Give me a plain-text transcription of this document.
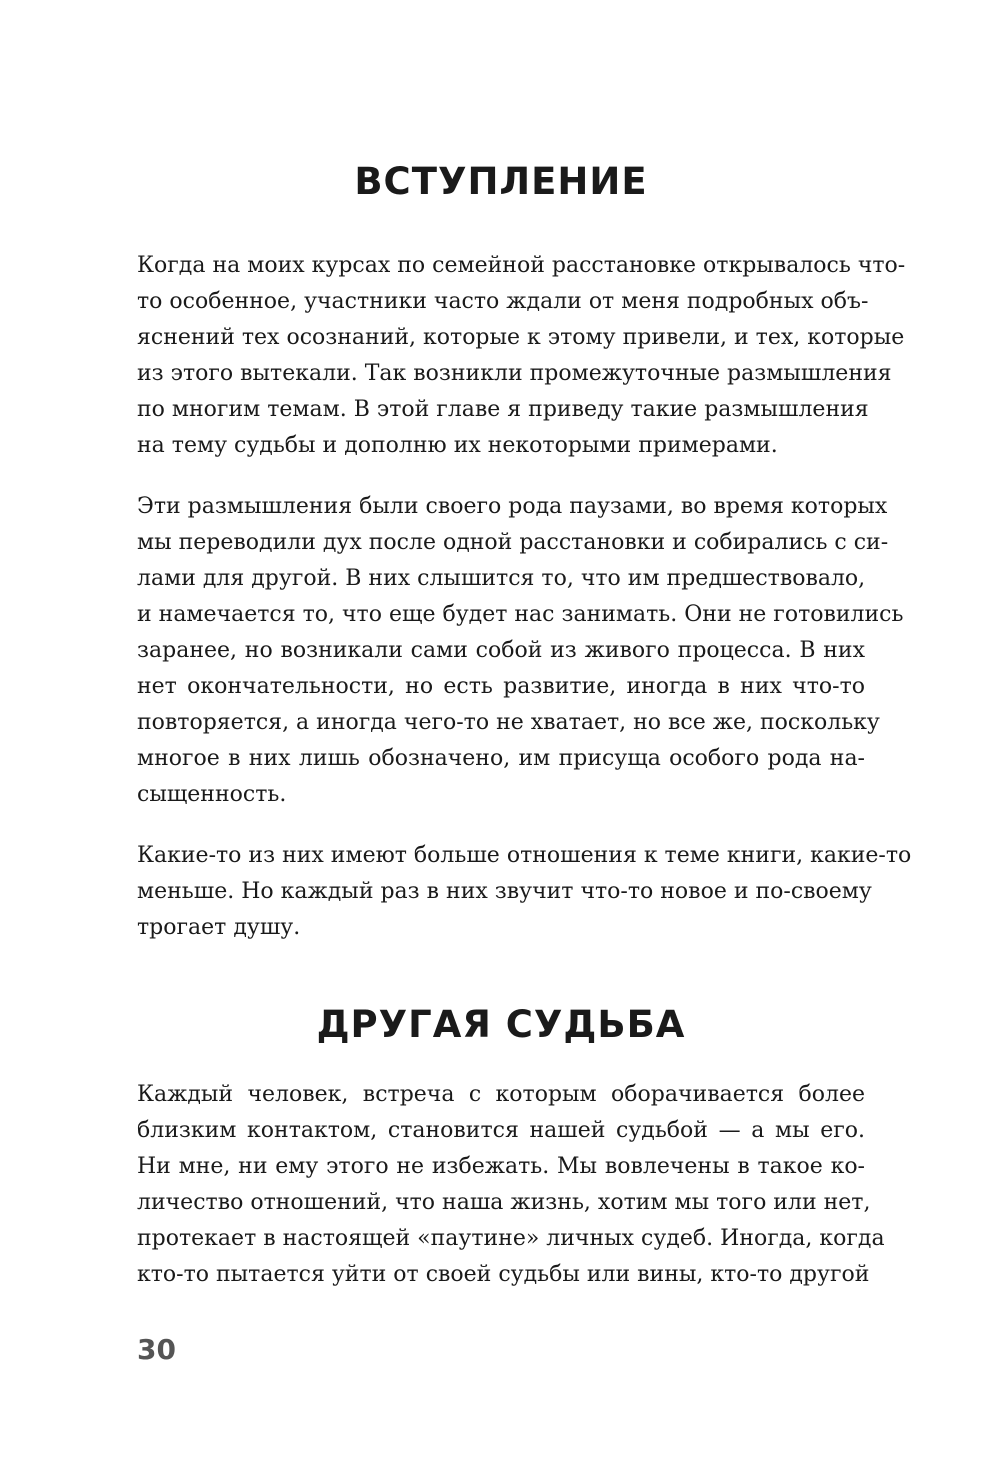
ВСТУПЛЕНИЕ
Когда на моих курсах по семейной расстановке открывалось что-
то особенное, участники часто ждали от меня подробных объ-
яснений тех осознаний, которые к этому привели, и тех, которые
из этого вытекали. Так возникли промежуточные размышления
по многим темам. В этой главе я приведу такие размышления
на тему судьбы и дополню их некоторыми примерами.
Эти размышления были своего рода паузами, во время которых
мы переводили дух после одной расстановки и собирались с си-
лами для другой. В них слышится то, что им предшествовало,
и намечается то, что еще будет нас занимать. Они не готовились
заранее, но возникали сами собой из живого процесса. В них
нет окончательности, но есть развитие, иногда в них что-то
повторяется, а иногда чего-то не хватает, но все же, поскольку
многое в них лишь обозначено, им присуща особого рода на-
сыщенность.
Какие-то из них имеют больше отношения к теме книги, какие-то
меньше. Но каждый раз в них звучит что-то новое и по-своему
трогает душу.
ДРУГАЯ СУДЬБА
Каждый человек, встреча с которым оборачивается более
близким контактом, становится нашей судьбой — а мы его.
Ни мне, ни ему этого не избежать. Мы вовлечены в такое ко-
личество отношений, что наша жизнь, хотим мы того или нет,
протекает в настоящей «паутине» личных судеб. Иногда, когда
кто-то пытается уйти от своей судьбы или вины, кто-то другой
30
